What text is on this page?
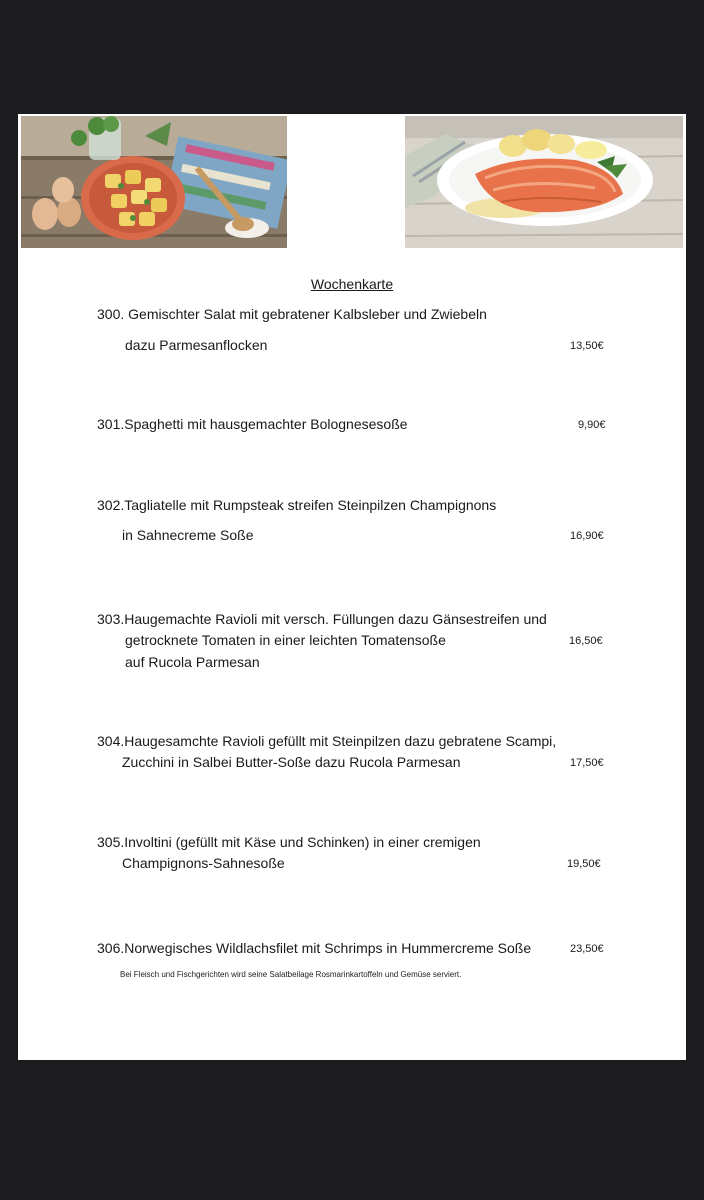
Wochenkarte
300. Gemischter Salat mit gebratener Kalbsleber und Zwiebeln
dazu Parmesanflocken	13,50€
301.Spaghetti mit hausgemachter Bolognesesoße	9,90€
302.Tagliatelle mit Rumpsteak streifen Steinpilzen Champignons
in Sahnecreme Soße	16,90€
303.Haugemachte Ravioli mit versch. Füllungen dazu Gänsestreifen und
getrocknete Tomaten in einer leichten Tomatensoße
auf Rucola Parmesan
16,50€
304.Haugesamchte Ravioli gefüllt mit Steinpilzen dazu gebratene Scampi,
Zucchini in Salbei Butter-Soße dazu Rucola Parmesan	17,50€
305.Involtini (gefüllt mit Käse und Schinken) in einer cremigen
Champignons-Sahnesoße	19,50€
306.Norwegisches Wildlachsfilet mit Schrimps in Hummercreme Soße	23,50€
Bei Fleisch und Fischgerichten wird seine Salatbeilage Rosmarinkartoffeln und Gemüse serviert.
